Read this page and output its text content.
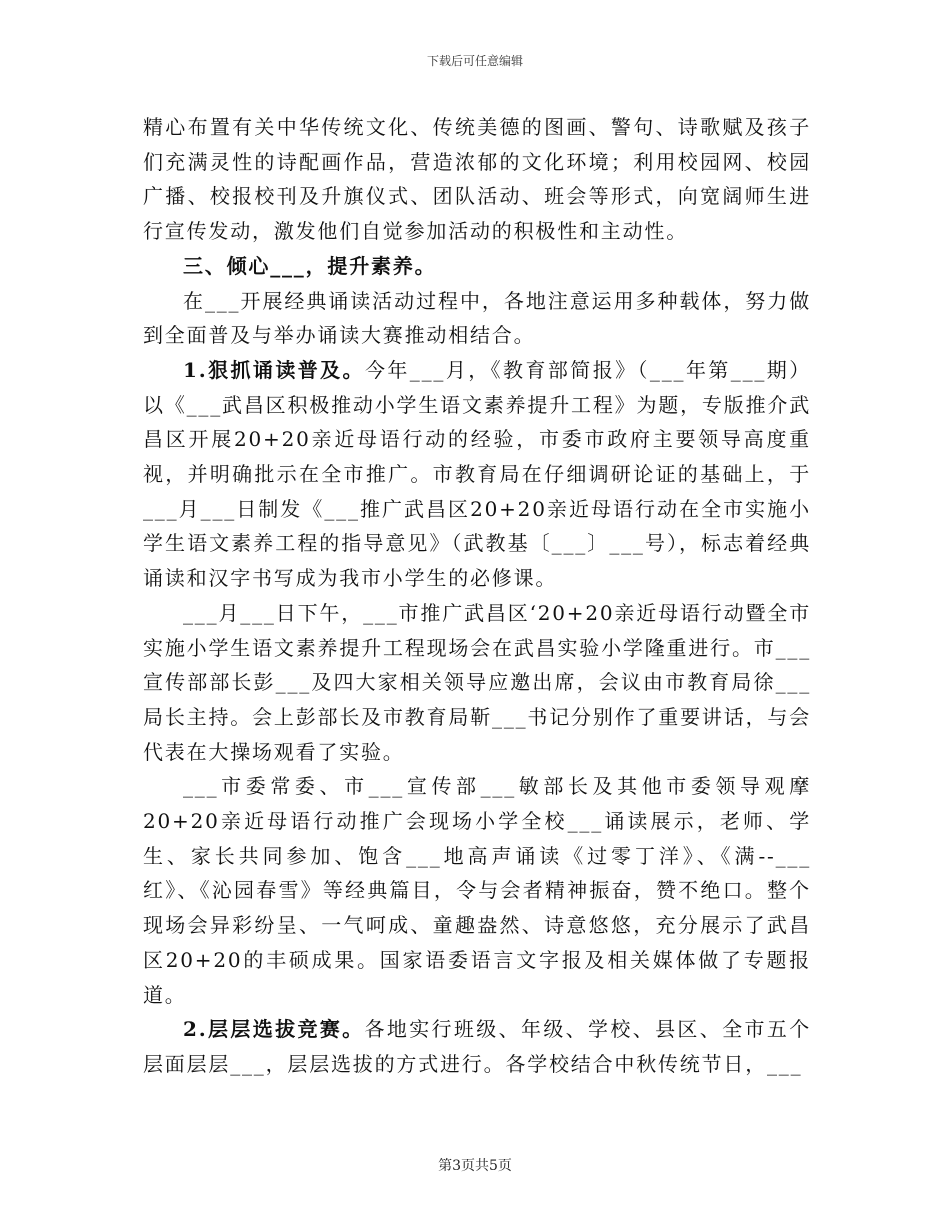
下载后可任意编辑

精心布置有关中华传统文化、传统美德的图画、警句、诗歌赋及孩子们充满灵性的诗配画作品，营造浓郁的文化环境；利用校园网、校园广播、校报校刊及升旗仪式、团队活动、班会等形式，向宽阔师生进行宣传发动，激发他们自觉参加活动的积极性和主动性。

三、倾心___，提升素养。

在___开展经典诵读活动过程中，各地注意运用多种载体，努力做到全面普及与举办诵读大赛推动相结合。

1.狠抓诵读普及。今年___月，《教育部简报》（___年第___期）以《___武昌区积极推动小学生语文素养提升工程》为题，专版推介武昌区开展20+20亲近母语行动的经验，市委市政府主要领导高度重视，并明确批示在全市推广。市教育局在仔细调研论证的基础上，于___月___日制发《___推广武昌区20+20亲近母语行动在全市实施小学生语文素养工程的指导意见》（武教基〔___〕___号），标志着经典诵读和汉字书写成为我市小学生的必修课。

___月___日下午，___市推广武昌区‘20+20亲近母语行动暨全市实施小学生语文素养提升工程现场会在武昌实验小学隆重进行。市___宣传部部长彭___及四大家相关领导应邀出席，会议由市教育局徐___局长主持。会上彭部长及市教育局靳___书记分别作了重要讲话，与会代表在大操场观看了实验。

___市委常委、市___宣传部___敏部长及其他市委领导观摩20+20亲近母语行动推广会现场小学全校___诵读展示，老师、学生、家长共同参加、饱含___地高声诵读《过零丁洋》、《满--___红》、《沁园春雪》等经典篇目，令与会者精神振奋，赞不绝口。整个现场会异彩纷呈、一气呵成、童趣盎然、诗意悠悠，充分展示了武昌区20+20的丰硕成果。国家语委语言文字报及相关媒体做了专题报道。

2.层层选拔竞赛。各地实行班级、年级、学校、县区、全市五个层面层层___，层层选拔的方式进行。各学校结合中秋传统节日，___

第3页共5页
